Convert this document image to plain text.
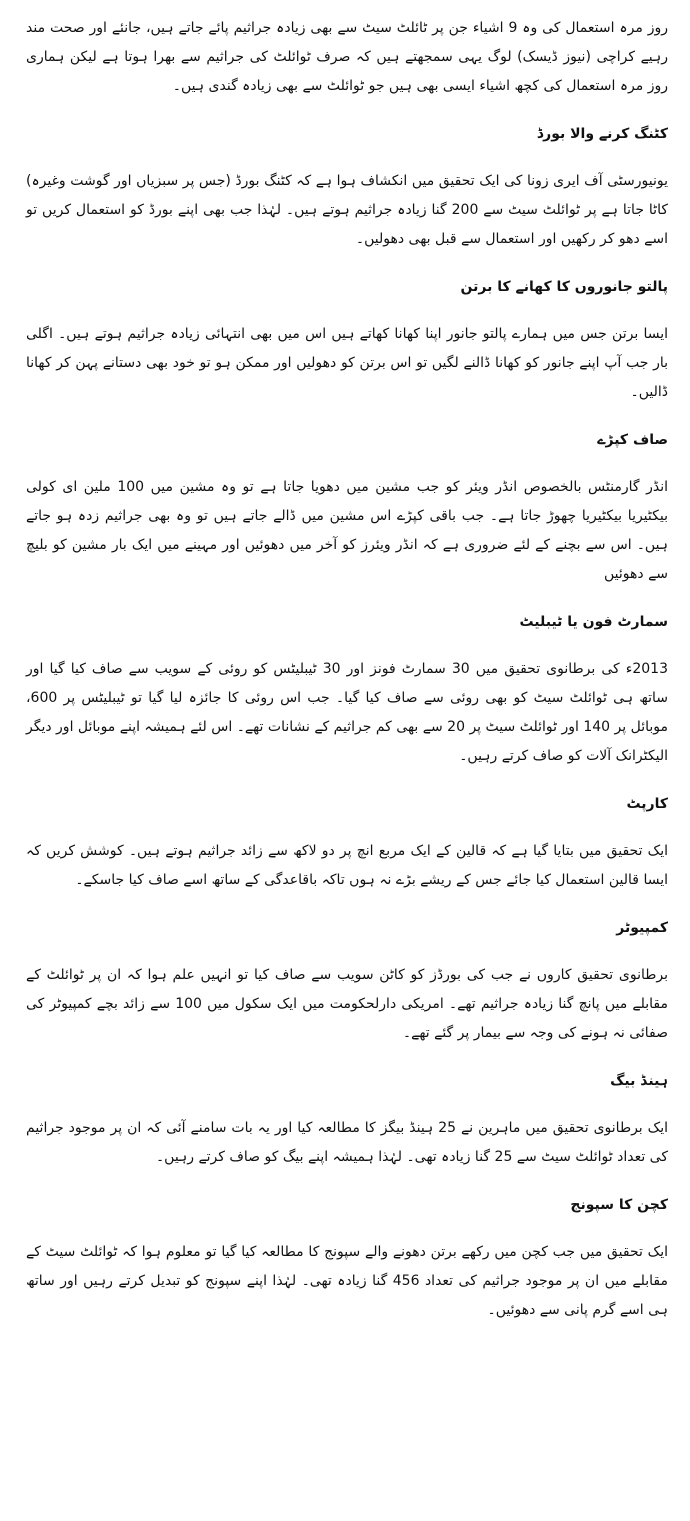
روز مرہ استعمال کی وہ 9 اشیاء جن پر ٹائلٹ سیٹ سے بھی زیادہ جراثیم پائے جاتے ہیں، جانئے اور صحت مند رہیے کراچی (نیوز ڈیسک) لوگ یہی سمجھتے ہیں کہ صرف ٹوائلٹ کی جراثیم سے بھرا ہوتا ہے لیکن ہماری روز مرہ استعمال کی کچھ اشیاء ایسی بھی ہیں جو ٹوائلٹ سے بھی زیادہ گندی ہیں۔

کٹنگ کرنے والا بورڈ

یونیورسٹی آف ایری زونا کی ایک تحقیق میں انکشاف ہوا ہے کہ کٹنگ بورڈ (جس پر سبزیاں اور گوشت وغیرہ) کاٹا جاتا ہے پر ٹوائلٹ سیٹ سے 200 گنا زیادہ جراثیم ہوتے ہیں۔ لہٰذا جب بھی اپنے بورڈ کو استعمال کریں تو اسے دھو کر رکھیں اور استعمال سے قبل بھی دھولیں۔

پالتو جانوروں کا کھانے کا برتن

ایسا برتن جس میں ہمارے پالتو جانور اپنا کھانا کھاتے ہیں اس میں بھی انتہائی زیادہ جراثیم ہوتے ہیں۔ اگلی بار جب آپ اپنے جانور کو کھانا ڈالنے لگیں تو اس برتن کو دھولیں اور ممکن ہو تو خود بھی دستانے پہن کر کھانا ڈالیں۔

صاف کپڑے

انڈر گارمنٹس بالخصوص انڈر ویئر کو جب مشین میں دھویا جاتا ہے تو وہ مشین میں 100 ملین ای کولی بیکٹیریا بیکٹیریا چھوڑ جاتا ہے۔ جب باقی کپڑے اس مشین میں ڈالے جاتے ہیں تو وہ بھی جراثیم زدہ ہو جاتے ہیں۔ اس سے بچنے کے لئے ضروری ہے کہ انڈر ویئرز کو آخر میں دھوئیں اور مہینے میں ایک بار مشین کو بلیچ سے دھوئیں

سمارٹ فون یا ٹیبلیٹ

2013ء کی برطانوی تحقیق میں 30 سمارٹ فونز اور 30 ٹیبلیٹس کو روئی کے سویب سے صاف کیا گیا اور ساتھ ہی ٹوائلٹ سیٹ کو بھی روئی سے صاف کیا گیا۔ جب اس روئی کا جائزہ لیا گیا تو ٹیبلیٹس پر 600، موبائل پر 140 اور ٹوائلٹ سیٹ پر 20 سے بھی کم جراثیم کے نشانات تھے۔ اس لئے ہمیشہ اپنے موبائل اور دیگر الیکٹرانک آلات کو صاف کرتے رہیں۔

کارپٹ

ایک تحقیق میں بتایا گیا ہے کہ قالین کے ایک مربع انچ پر دو لاکھ سے زائد جراثیم ہوتے ہیں۔ کوشش کریں کہ ایسا قالین استعمال کیا جائے جس کے ریشے بڑے نہ ہوں تاکہ باقاعدگی کے ساتھ اسے صاف کیا جاسکے۔

کمپیوٹر

برطانوی تحقیق کاروں نے جب کی بورڈز کو کاٹن سویب سے صاف کیا تو انہیں علم ہوا کہ ان پر ٹوائلٹ کے مقابلے میں پانچ گنا زیادہ جراثیم تھے۔ امریکی دارلحکومت میں ایک سکول میں 100 سے زائد بچے کمپیوٹر کی صفائی نہ ہونے کی وجہ سے بیمار پر گئے تھے۔

ہینڈ بیگ

ایک برطانوی تحقیق میں ماہرین نے 25 ہینڈ بیگز کا مطالعہ کیا اور یہ بات سامنے آئی کہ ان پر موجود جراثیم کی تعداد ٹوائلٹ سیٹ سے 25 گنا زیادہ تھی۔ لہٰذا ہمیشہ اپنے بیگ کو صاف کرتے رہیں۔

کچن کا سپونج

ایک تحقیق میں جب کچن میں رکھے برتن دھونے والے سپونج کا مطالعہ کیا گیا تو معلوم ہوا کہ ٹوائلٹ سیٹ کے مقابلے میں ان پر موجود جراثیم کی تعداد 456 گنا زیادہ تھی۔ لہٰذا اپنے سپونج کو تبدیل کرتے رہیں اور ساتھ ہی اسے گرم پانی سے دھوئیں۔
